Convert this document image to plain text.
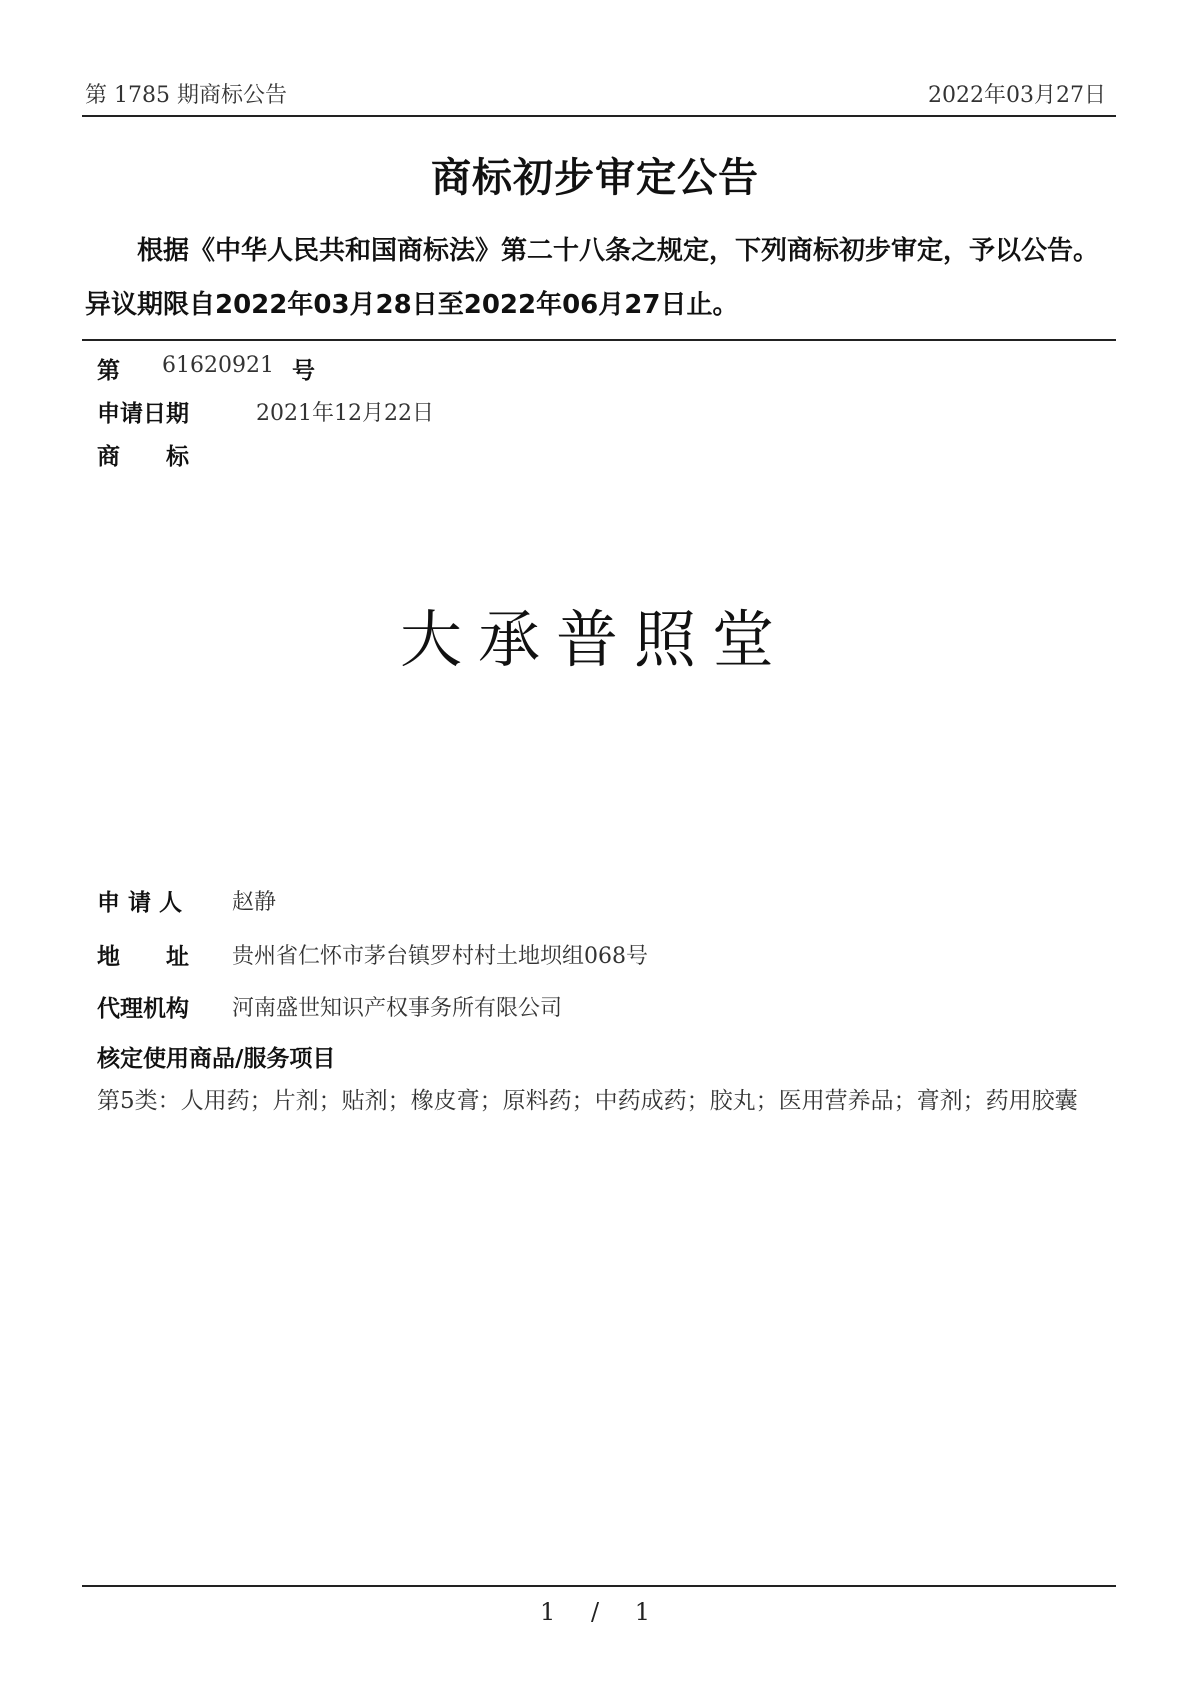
第 1785 期商标公告	2022年03月27日
商标初步审定公告

根据《中华人民共和国商标法》第二十八条之规定，下列商标初步审定，予以公告。异议期限自2022年03月28日至2022年06月27日止。

第 61620921 号
申请日期	2021年12月22日
商　　标
大承普照堂
申 请 人 赵静
地　　址 贵州省仁怀市茅台镇罗村村土地坝组068号
代理机构 河南盛世知识产权事务所有限公司
核定使用商品/服务项目

第5类：人用药；片剂；贴剂；橡皮膏；原料药；中药成药；胶丸；医用营养品；膏剂；药用胶囊

1 / 1
